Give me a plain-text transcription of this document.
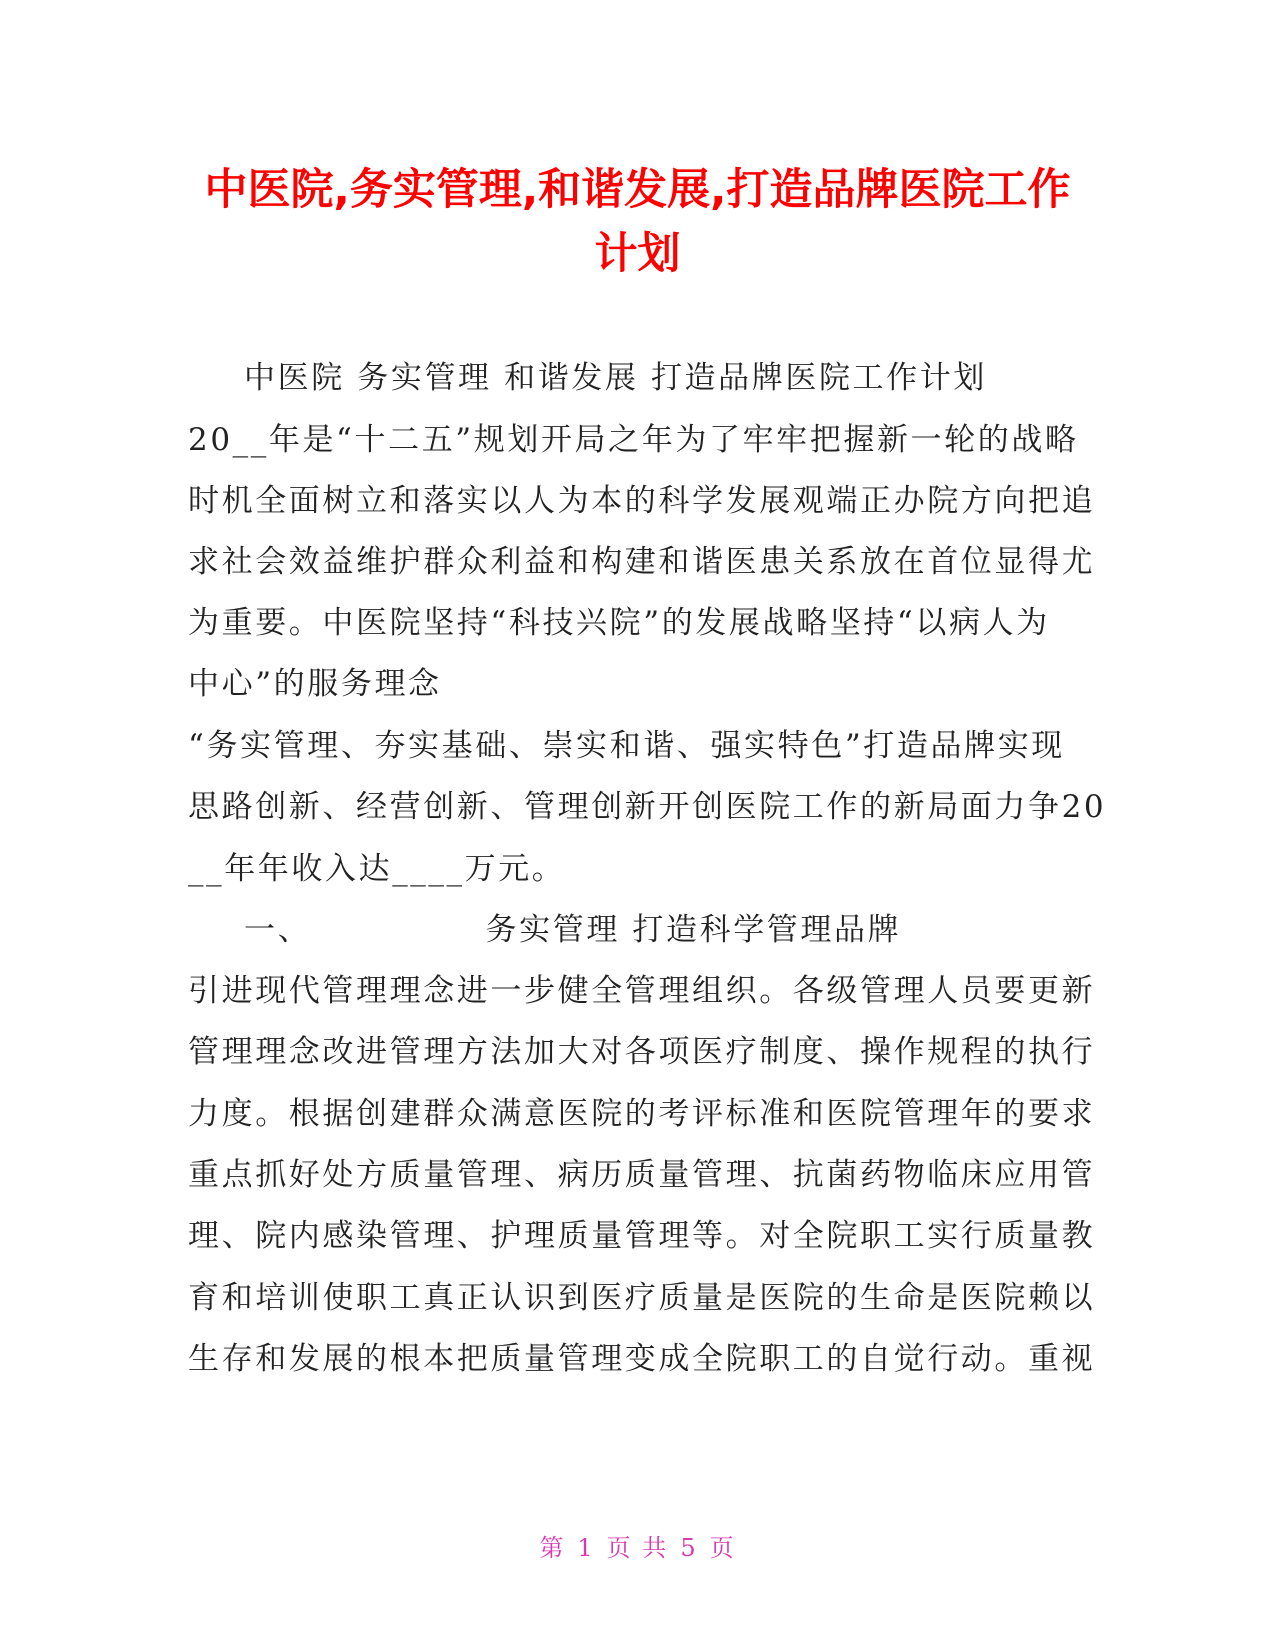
中医院,务实管理,和谐发展,打造品牌医院工作
计划
中医院 务实管理 和谐发展 打造品牌医院工作计划
20__年是“十二五”规划开局之年为了牢牢把握新一轮的战略
时机全面树立和落实以人为本的科学发展观端正办院方向把追
求社会效益维护群众利益和构建和谐医患关系放在首位显得尤
为重要。中医院坚持“科技兴院”的发展战略坚持“以病人为
中心”的服务理念
“务实管理、夯实基础、崇实和谐、强实特色”打造品牌实现
思路创新、经营创新、管理创新开创医院工作的新局面力争20
__年年收入达____万元。
一、              务实管理 打造科学管理品牌
引进现代管理理念进一步健全管理组织。各级管理人员要更新
管理理念改进管理方法加大对各项医疗制度、操作规程的执行
力度。根据创建群众满意医院的考评标准和医院管理年的要求
重点抓好处方质量管理、病历质量管理、抗菌药物临床应用管
理、院内感染管理、护理质量管理等。对全院职工实行质量教
育和培训使职工真正认识到医疗质量是医院的生命是医院赖以
生存和发展的根本把质量管理变成全院职工的自觉行动。重视
第 1 页 共 5 页
